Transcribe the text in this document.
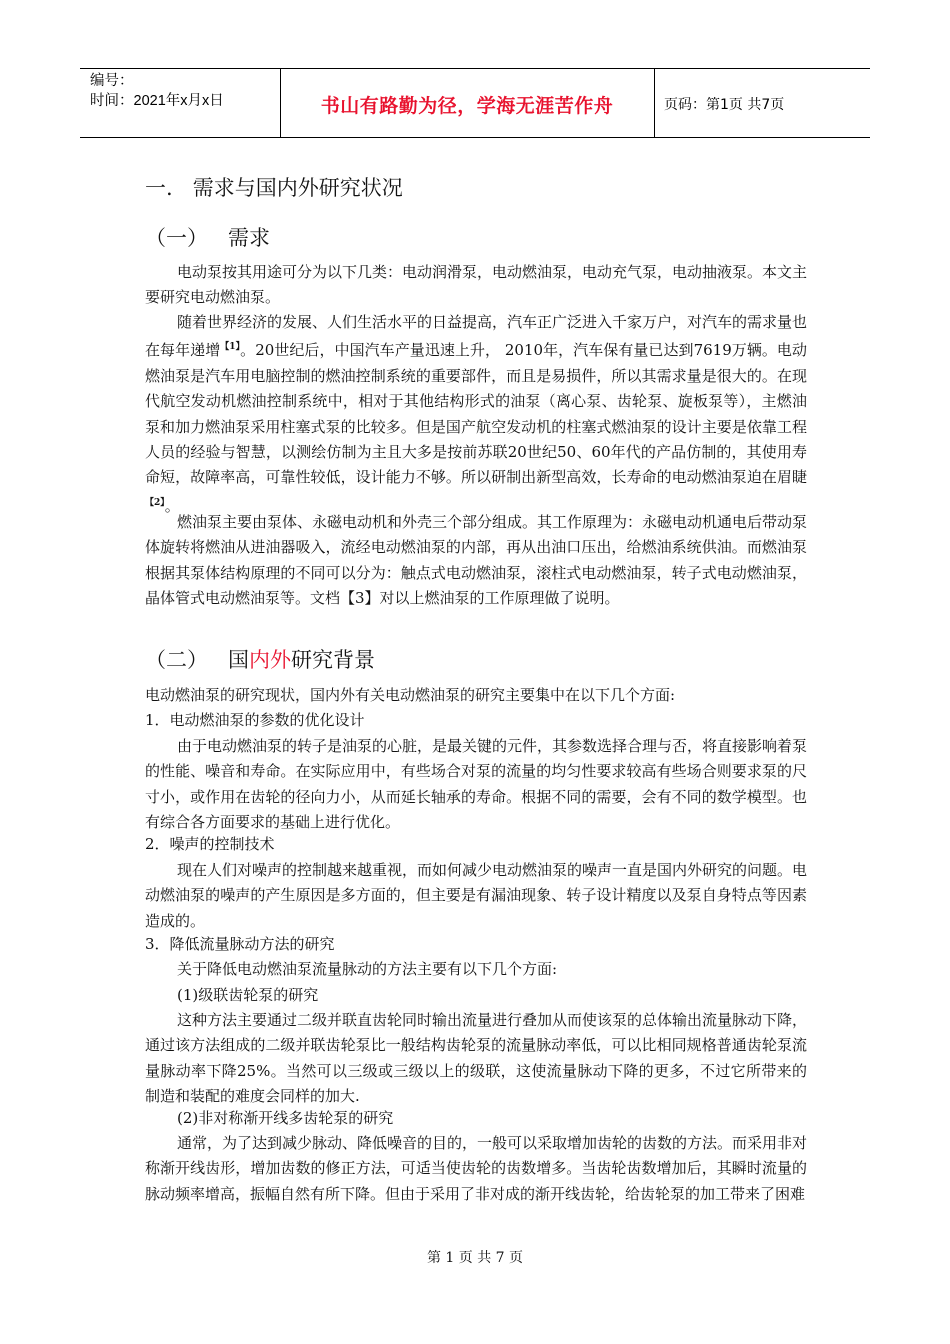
编号：
时间：2021年x月x日	书山有路勤为径，学海无涯苦作舟	页码：第1页 共7页
一.   需求与国内外研究状况
（一）   需求
电动泵按其用途可分为以下几类：电动润滑泵，电动燃油泵，电动充气泵，电动抽液泵。本文主要研究电动燃油泵。
随着世界经济的发展、人们生活水平的日益提高，汽车正广泛进入千家万户，对汽车的需求量也在每年递增$^{【1】}$。20世纪后，中国汽车产量迅速上升， 2010年，汽车保有量已达到7619万辆。电动燃油泵是汽车用电脑控制的燃油控制系统的重要部件，而且是易损件，所以其需求量是很大的。在现代航空发动机燃油控制系统中，相对于其他结构形式的油泵（离心泵、齿轮泵、旋板泵等），主燃油泵和加力燃油泵采用柱塞式泵的比较多。但是国产航空发动机的柱塞式燃油泵的设计主要是依靠工程人员的经验与智慧，以测绘仿制为主且大多是按前苏联20世纪50、60年代的产品仿制的，其使用寿命短，故障率高，可靠性较低，设计能力不够。所以研制出新型高效，长寿命的电动燃油泵迫在眉睫$^{【2】}$。
燃油泵主要由泵体、永磁电动机和外壳三个部分组成。其工作原理为：永磁电动机通电后带动泵体旋转将燃油从进油器吸入，流经电动燃油泵的内部，再从出油口压出，给燃油系统供油。而燃油泵根据其泵体结构原理的不同可以分为：触点式电动燃油泵，滚柱式电动燃油泵，转子式电动燃油泵，晶体管式电动燃油泵等。文档【3】对以上燃油泵的工作原理做了说明。
（二）   国内外研究背景
电动燃油泵的研究现状，国内外有关电动燃油泵的研究主要集中在以下几个方面:
1．电动燃油泵的参数的优化设计
由于电动燃油泵的转子是油泵的心脏，是最关键的元件，其参数选择合理与否，将直接影响着泵的性能、噪音和寿命。在实际应用中，有些场合对泵的流量的均匀性要求较高有些场合则要求泵的尺寸小，或作用在齿轮的径向力小，从而延长轴承的寿命。根据不同的需要，会有不同的数学模型。也有综合各方面要求的基础上进行优化。
2．噪声的控制技术
现在人们对噪声的控制越来越重视，而如何减少电动燃油泵的噪声一直是国内外研究的问题。电动燃油泵的噪声的产生原因是多方面的，但主要是有漏油现象、转子设计精度以及泵自身特点等因素造成的。
3．降低流量脉动方法的研究
关于降低电动燃油泵流量脉动的方法主要有以下几个方面:
(1)级联齿轮泵的研究
这种方法主要通过二级并联直齿轮同时输出流量进行叠加从而使该泵的总体输出流量脉动下降，通过该方法组成的二级并联齿轮泵比一般结构齿轮泵的流量脉动率低，可以比相同规格普通齿轮泵流量脉动率下降25%。当然可以三级或三级以上的级联，这使流量脉动下降的更多，不过它所带来的制造和装配的难度会同样的加大.
(2)非对称渐开线多齿轮泵的研究
通常，为了达到减少脉动、降低噪音的目的，一般可以采取增加齿轮的齿数的方法。而采用非对称渐开线齿形，增加齿数的修正方法，可适当使齿轮的齿数增多。当齿轮齿数增加后，其瞬时流量的脉动频率增高，振幅自然有所下降。但由于采用了非对成的渐开线齿轮，给齿轮泵的加工带来了困难
第 1 页 共 7 页
